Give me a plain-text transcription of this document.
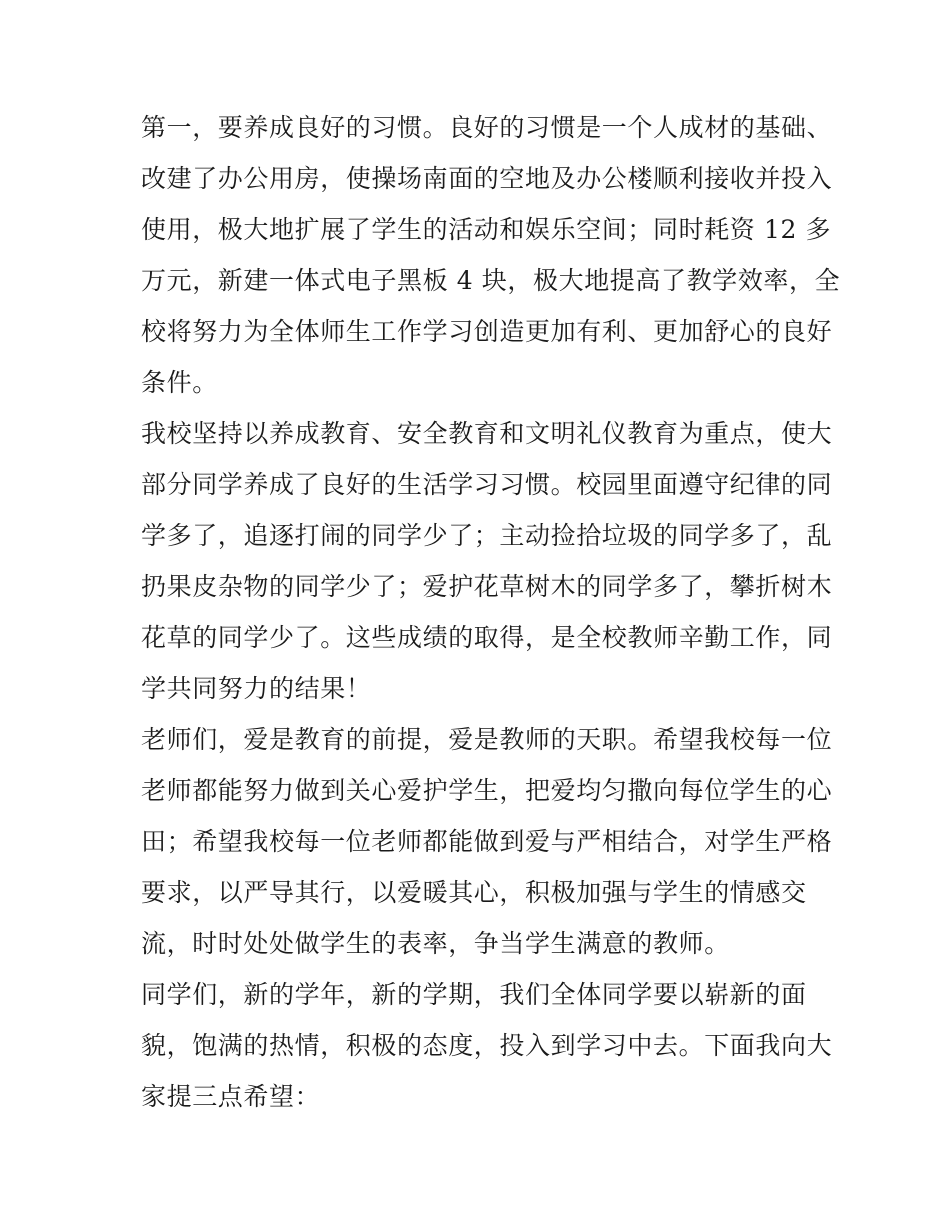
第一，要养成良好的习惯。良好的习惯是一个人成材的基础、
改建了办公用房，使操场南面的空地及办公楼顺利接收并投入
使用，极大地扩展了学生的活动和娱乐空间；同时耗资 12 多
万元，新建一体式电子黑板 4 块，极大地提高了教学效率，全
校将努力为全体师生工作学习创造更加有利、更加舒心的良好
条件。
我校坚持以养成教育、安全教育和文明礼仪教育为重点，使大
部分同学养成了良好的生活学习习惯。校园里面遵守纪律的同
学多了，追逐打闹的同学少了；主动捡拾垃圾的同学多了，乱
扔果皮杂物的同学少了；爱护花草树木的同学多了，攀折树木
花草的同学少了。这些成绩的取得，是全校教师辛勤工作，同
学共同努力的结果！
老师们，爱是教育的前提，爱是教师的天职。希望我校每一位
老师都能努力做到关心爱护学生，把爱均匀撒向每位学生的心
田；希望我校每一位老师都能做到爱与严相结合，对学生严格
要求，以严导其行，以爱暖其心，积极加强与学生的情感交
流，时时处处做学生的表率，争当学生满意的教师。
同学们，新的学年，新的学期，我们全体同学要以崭新的面
貌，饱满的热情，积极的态度，投入到学习中去。下面我向大
家提三点希望：
